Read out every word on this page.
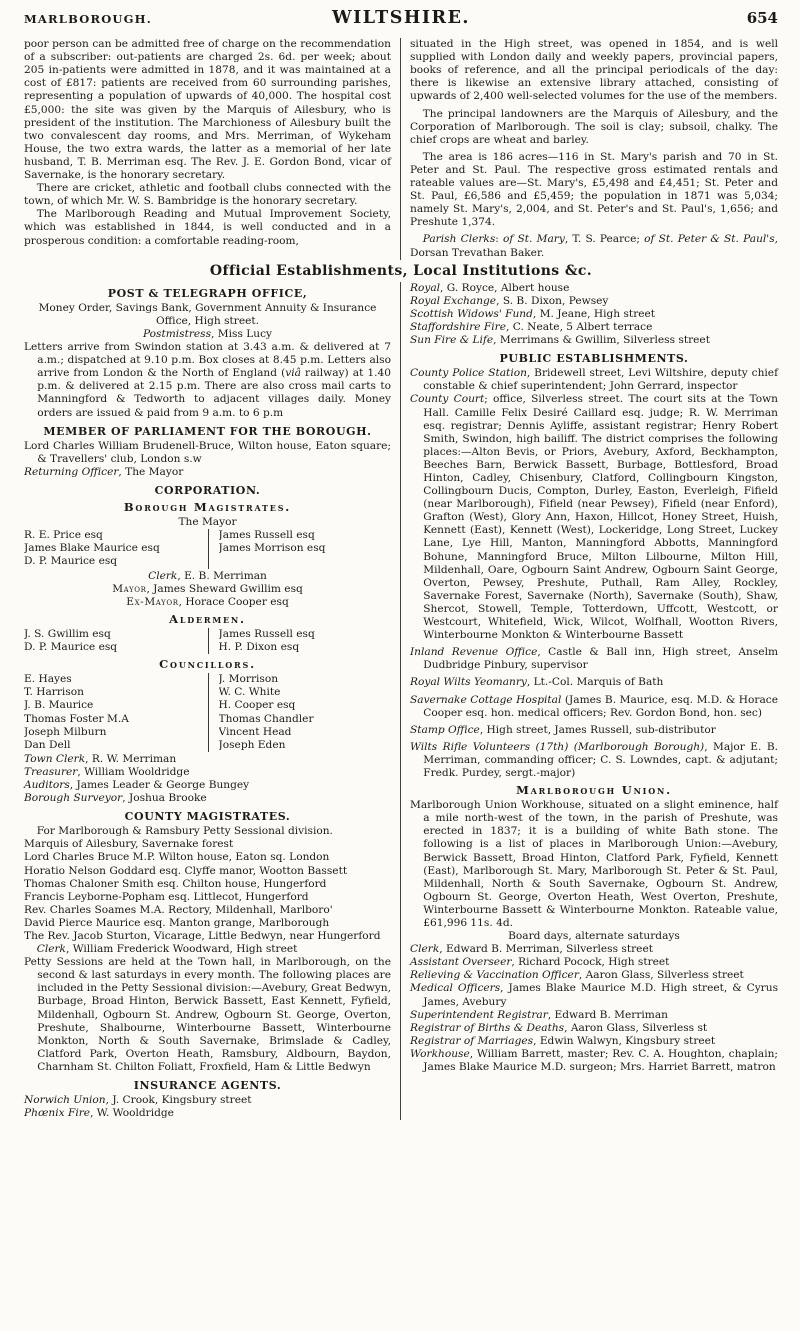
MARLBOROUGH.	WILTSHIRE.	654
poor person can be admitted free of charge on the recommendation of a subscriber: out-patients are charged 2s. 6d. per week; about 205 in-patients were admitted in 1878, and it was maintained at a cost of £817: patients are received from 60 surrounding parishes, representing a population of upwards of 40,000. The hospital cost £5,000: the site was given by the Marquis of Ailesbury, who is president of the institution. The Marchioness of Ailesbury built the two convalescent day rooms, and Mrs. Merriman, of Wykeham House, the two extra wards, the latter as a memorial of her late husband, T. B. Merriman esq. The Rev. J. E. Gordon Bond, vicar of Savernake, is the honorary secretary.
There are cricket, athletic and football clubs connected with the town, of which Mr. W. S. Bambridge is the honorary secretary.
The Marlborough Reading and Mutual Improvement Society, which was established in 1844, is well conducted and in a prosperous condition: a comfortable reading-room,
situated in the High street, was opened in 1854, and is well supplied with London daily and weekly papers, provincial papers, books of reference, and all the principal periodicals of the day: there is likewise an extensive library attached, consisting of upwards of 2,400 well-selected volumes for the use of the members.
The principal landowners are the Marquis of Ailesbury, and the Corporation of Marlborough. The soil is clay; subsoil, chalky. The chief crops are wheat and barley.
The area is 186 acres—116 in St. Mary's parish and 70 in St. Peter and St. Paul. The respective gross estimated rentals and rateable values are—St. Mary's, £5,498 and £4,451; St. Peter and St. Paul, £6,586 and £5,459; the population in 1871 was 5,034; namely St. Mary's, 2,004, and St. Peter's and St. Paul's, 1,656; and Preshute 1,374.
Parish Clerks: of St. Mary, T. S. Pearce; of St. Peter & St. Paul's, Dorsan Trevathan Baker.
Official Establishments, Local Institutions &c.
POST & TELEGRAPH OFFICE,
Money Order, Savings Bank, Government Annuity & Insurance Office, High street.
Postmistress, Miss Lucy
Letters arrive from Swindon station at 3.43 a.m. & delivered at 7 a.m.; dispatched at 9.10 p.m. Box closes at 8.45 p.m. Letters also arrive from London & the North of England (viâ railway) at 1.40 p.m. & delivered at 2.15 p.m. There are also cross mail carts to Manningford & Tedworth to adjacent villages daily. Money orders are issued & paid from 9 a.m. to 6 p.m
MEMBER OF PARLIAMENT FOR THE BOROUGH.
Lord Charles William Brudenell-Bruce, Wilton house, Eaton square; & Travellers' club, London s.w
Returning Officer, The Mayor
CORPORATION.
Borough Magistrates.
The Mayor
R. E. Price esq
James Blake Maurice esq
D. P. Maurice esq
James Russell esq
James Morrison esq

Clerk, E. B. Merriman
Mayor, James Sheward Gwillim esq
Ex-Mayor, Horace Cooper esq
Aldermen.
J. S. Gwillim esq
D. P. Maurice esq
James Russell esq
H. P. Dixon esq
Councillors.
E. Hayes
T. Harrison
J. B. Maurice
Thomas Foster M.A
Joseph Milburn
Dan Dell
J. Morrison
W. C. White
H. Cooper esq
Thomas Chandler
Vincent Head
Joseph Eden
Town Clerk, R. W. Merriman
Treasurer, William Wooldridge
Auditors, James Leader & George Bungey
Borough Surveyor, Joshua Brooke
COUNTY MAGISTRATES.
For Marlborough & Ramsbury Petty Sessional division.
Marquis of Ailesbury, Savernake forest
Lord Charles Bruce M.P. Wilton house, Eaton sq. London
Horatio Nelson Goddard esq. Clyffe manor, Wootton Bassett
Thomas Chaloner Smith esq. Chilton house, Hungerford
Francis Leyborne-Popham esq. Littlecot, Hungerford
Rev. Charles Soames M.A. Rectory, Mildenhall, Marlboro'
David Pierce Maurice esq. Manton grange, Marlborough
The Rev. Jacob Sturton, Vicarage, Little Bedwyn, near Hungerford
Clerk, William Frederick Woodward, High street
Petty Sessions are held at the Town hall, in Marlborough, on the second & last saturdays in every month. The following places are included in the Petty Sessional division:—Avebury, Great Bedwyn, Burbage, Broad Hinton, Berwick Bassett, East Kennett, Fyfield, Mildenhall, Ogbourn St. Andrew, Ogbourn St. George, Overton, Preshute, Shalbourne, Winterbourne Bassett, Winterbourne Monkton, North & South Savernake, Brimslade & Cadley, Clatford Park, Overton Heath, Ramsbury, Aldbourn, Baydon, Charnham St. Chilton Foliatt, Froxfield, Ham & Little Bedwyn
INSURANCE AGENTS.
Norwich Union, J. Crook, Kingsbury street
Phœnix Fire, W. Wooldridge
Royal, G. Royce, Albert house
Royal Exchange, S. B. Dixon, Pewsey
Scottish Widows' Fund, M. Jeane, High street
Staffordshire Fire, C. Neate, 5 Albert terrace
Sun Fire & Life, Merrimans & Gwillim, Silverless street
PUBLIC ESTABLISHMENTS.
County Police Station, Bridewell street, Levi Wiltshire, deputy chief constable & chief superintendent; John Gerrard, inspector
County Court; office, Silverless street. The court sits at the Town Hall. Camille Felix Desiré Caillard esq. judge; R. W. Merriman esq. registrar; Dennis Ayliffe, assistant registrar; Henry Robert Smith, Swindon, high bailiff. The district comprises the following places:—Alton Bevis, or Priors, Avebury, Axford, Beckhampton, Beeches Barn, Berwick Bassett, Burbage, Bottlesford, Broad Hinton, Cadley, Chisenbury, Clatford, Collingbourn Kingston, Collingbourn Ducis, Compton, Durley, Easton, Everleigh, Fifield (near Marlborough), Fifield (near Pewsey), Fifield (near Enford), Grafton (West), Glory Ann, Haxon, Hillcot, Honey Street, Huish, Kennett (East), Kennett (West), Lockeridge, Long Street, Luckey Lane, Lye Hill, Manton, Manningford Abbotts, Manningford Bohune, Manningford Bruce, Milton Lilbourne, Milton Hill, Mildenhall, Oare, Ogbourn Saint Andrew, Ogbourn Saint George, Overton, Pewsey, Preshute, Puthall, Ram Alley, Rockley, Savernake Forest, Savernake (North), Savernake (South), Shaw, Shercot, Stowell, Temple, Totterdown, Uffcott, Westcott, or Westcourt, Whitefield, Wick, Wilcot, Wolfhall, Wootton Rivers, Winterbourne Monkton & Winterbourne Bassett
Inland Revenue Office, Castle & Ball inn, High street, Anselm Dudbridge Pinbury, supervisor
Royal Wilts Yeomanry, Lt.-Col. Marquis of Bath
Savernake Cottage Hospital (James B. Maurice, esq. M.D. & Horace Cooper esq. hon. medical officers; Rev. Gordon Bond, hon. sec)
Stamp Office, High street, James Russell, sub-distributor
Wilts Rifle Volunteers (17th) (Marlborough Borough), Major E. B. Merriman, commanding officer; C. S. Lowndes, capt. & adjutant; Fredk. Purdey, sergt.-major)
Marlborough Union.
Marlborough Union Workhouse, situated on a slight eminence, half a mile north-west of the town, in the parish of Preshute, was erected in 1837; it is a building of white Bath stone. The following is a list of places in Marlborough Union:—Avebury, Berwick Bassett, Broad Hinton, Clatford Park, Fyfield, Kennett (East), Marlborough St. Mary, Marlborough St. Peter & St. Paul, Mildenhall, North & South Savernake, Ogbourn St. Andrew, Ogbourn St. George, Overton Heath, West Overton, Preshute, Winterbourne Bassett & Winterbourne Monkton. Rateable value, £61,996 11s. 4d.
Board days, alternate saturdays
Clerk, Edward B. Merriman, Silverless street
Assistant Overseer, Richard Pocock, High street
Relieving & Vaccination Officer, Aaron Glass, Silverless street
Medical Officers, James Blake Maurice M.D. High street, & Cyrus James, Avebury
Superintendent Registrar, Edward B. Merriman
Registrar of Births & Deaths, Aaron Glass, Silverless st
Registrar of Marriages, Edwin Walwyn, Kingsbury street
Workhouse, William Barrett, master; Rev. C. A. Houghton, chaplain; James Blake Maurice M.D. surgeon; Mrs. Harriet Barrett, matron
